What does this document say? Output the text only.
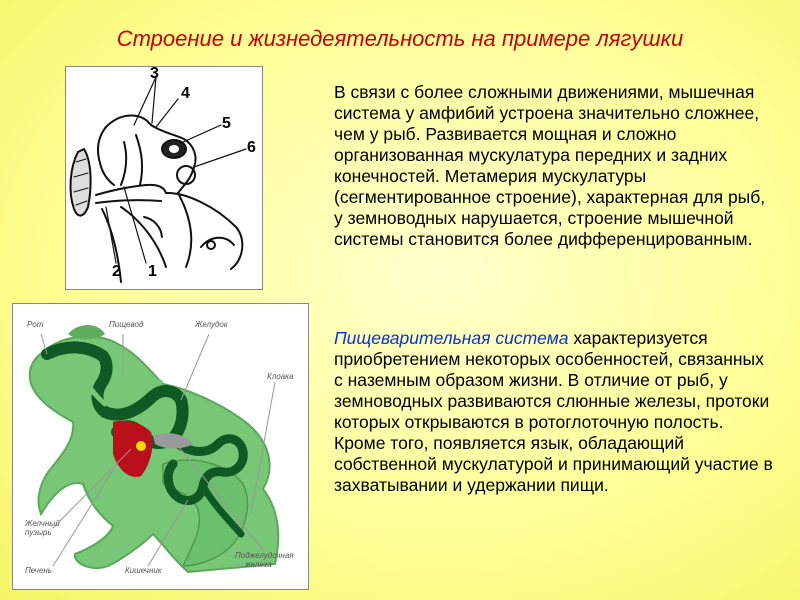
Строение и жизнедеятельность на примере лягушки
3
4
5
6
2 1
Рот	Пищевод	Желудок
Клоака
Желчный
пузырь
Печень	Кишечник
Поджелудочная
железа
В связи с более сложными движениями, мышечная система у амфибий устроена значительно сложнее, чем у рыб. Развивается мощная и сложно организованная мускулатура передних и задних конечностей. Метамерия мускулатуры (сегментированное строение), характерная для рыб, у земноводных нарушается, строение мышечной системы становится более дифференцированным.
Пищеварительная система характеризуется приобретением некоторых особенностей, связанных с наземным образом жизни. В отличие от рыб, у земноводных развиваются слюнные железы, протоки которых открываются в ротоглоточную полость. Кроме того, появляется язык, обладающий собственной мускулатурой и принимающий участие в захватывании и удержании пищи.
